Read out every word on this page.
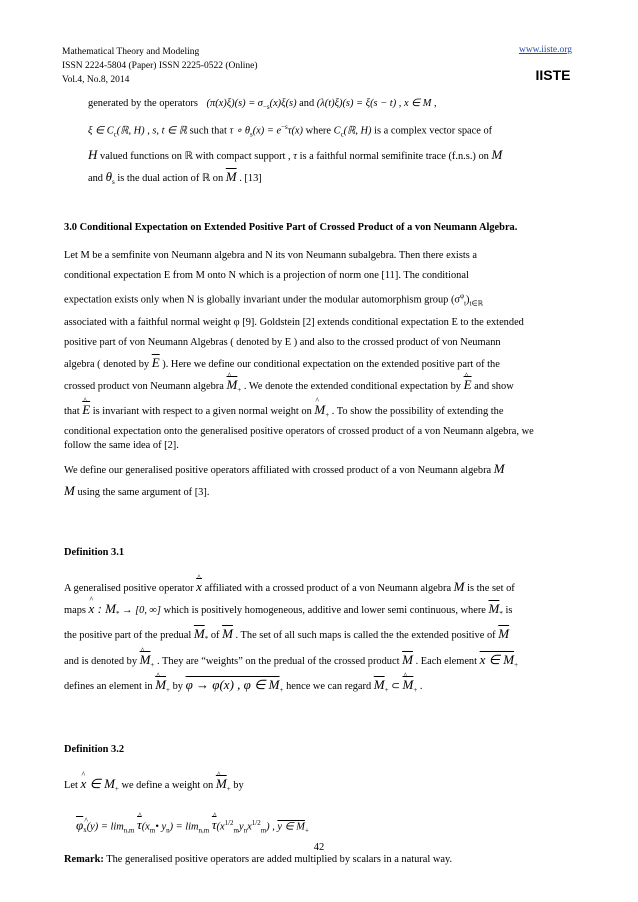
Mathematical Theory and Modeling
ISSN 2224-5804 (Paper) ISSN 2225-0522 (Online)
Vol.4, No.8, 2014
www.iiste.org
IISTE
generated by the operators $(\pi(x)\xi)(s) = \sigma_{-s}(x)\xi(s)$ and (λ(t)ξ)(s) = ξ(s − t) , x ∈ M ,
ξ ∈ $C_c(ℝ$, H) , s, t ∈ ℝ such that τ ∘ $\theta_s(x) = e^{-s}\tau(x)$ where $C_c(ℝ$, H) is a complex vector space of
H valued functions on ℝ with compact support , τ is a faithful normal semifinite trace (f.n.s.) on M
and $\theta_s$ is the dual action of ℝ on $\overline{M}$ . [13]
3.0 Conditional Expectation on Extended Positive Part of Crossed Product of a von Neumann Algebra.
Let M be a semfinite von Neumann algebra and N its von Neumann subalgebra. Then there exists a
conditional expectation E from M onto N which is a projection of norm one [11]. The conditional
expectation exists only when N is globally invariant under the modular automorphism group $(\sigma^\varphi_t)_{t\in ℝ}$
associated with a faithful normal weight φ [9]. Goldstein [2] extends conditional expectation E to the extended
positive part of von Neumann Algebras ( denoted by E ) and also to the crossed product of von Neumann
algebra ( denoted by $\overline{E}$ ). Here we define our conditional expectation on the extended positive part of the
crossed product von Neumann algebra ^ $\overline{M}_+$ . We denote the extended conditional expectation by ^ $\overline{E}$ and show
that ^ $\overline{E}$ is invariant with respect to a given normal weight on ^ $M_+$ . To show the possibility of extending the
conditional expectation onto the generalised positive operators of crossed product of a von Neumann algebra, we
follow the same idea of [2].
We define our generalised positive operators affiliated with crossed product of a von Neumann algebra M
M using the same argument of [3].
Definition 3.1
A generalised positive operator ^ $\overline{x}$ affiliated with a crossed product of a von Neumann algebra M is the set of
maps ^ x : $M_* \to [0$, ∞] which is positively homogeneous, additive and lower semi continuous, where $\overline{M}_*$ is
the positive part of the predual $\overline{M}_*$ of $\overline{M}$ . The set of all such maps is called the the extended positive of $\overline{M}$
and is denoted by ^ $\overline{M}_+$ . They are “weights” on the predual of the crossed product $\overline{M}$ . Each element x ∈ $M_+$
defines an element in ^ $\overline{M}_+$ by φ → φ(x) , φ ∈ $M_+$ hence we can regard $\overline{M}_+$ ⊂ ^ $\overline{M}_+$ .
Definition 3.2
Let ^ x ∈ $M_+$ we define a weight on ^ $\overline{M}_+$ by
$\overline{\varphi}\^{}$ $_x(y) = \lim_{n,m}$ ^ $\overline{\tau}(x_m•$ $y_n) = \lim_{n,m}$ ^ $\overline{\tau}(x^{1/2}_my_nx^{1/2}_m)$ , y ∈ $M_+$
Remark: The generalised positive operators are added multiplied by scalars in a natural way.
42
